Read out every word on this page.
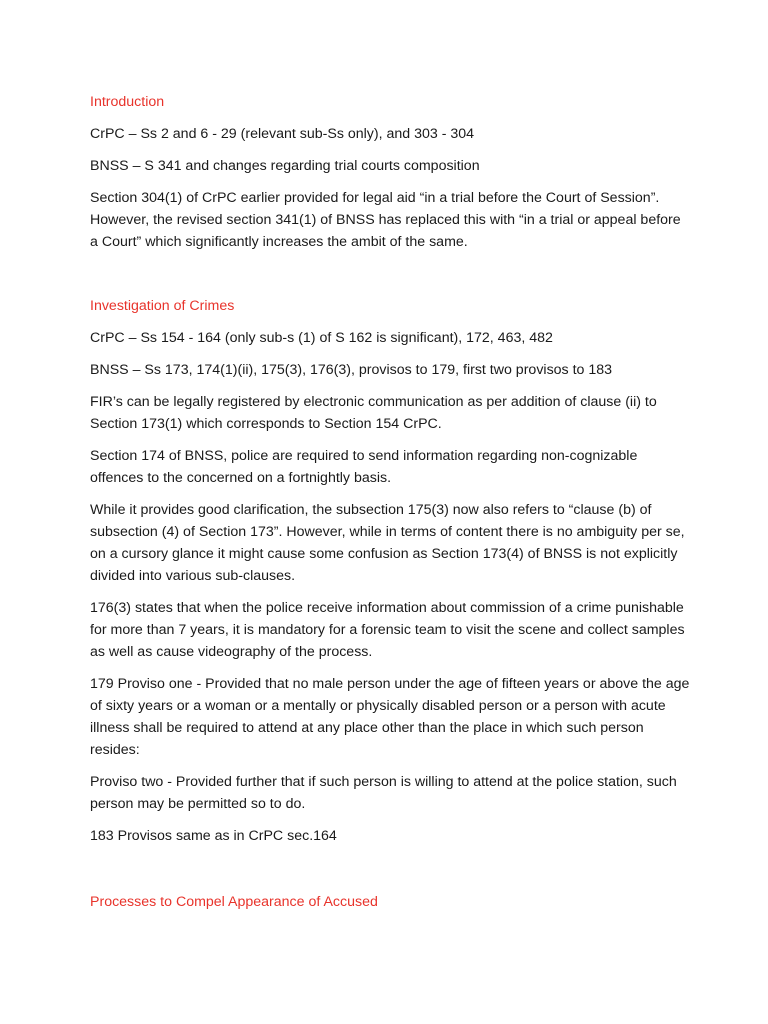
Introduction

CrPC – Ss 2 and 6 - 29 (relevant sub-Ss only), and 303 - 304

BNSS – S 341 and changes regarding trial courts composition

Section 304(1) of CrPC earlier provided for legal aid “in a trial before the Court of Session”. However, the revised section 341(1) of BNSS has replaced this with “in a trial or appeal before a Court” which significantly increases the ambit of the same.

Investigation of Crimes

CrPC – Ss 154 - 164 (only sub-s (1) of S 162 is significant), 172, 463, 482

BNSS – Ss 173, 174(1)(ii), 175(3), 176(3), provisos to 179, first two provisos to 183

FIR’s can be legally registered by electronic communication as per addition of clause (ii) to Section 173(1) which corresponds to Section 154 CrPC.

Section 174 of BNSS, police are required to send information regarding non-cognizable offences to the concerned on a fortnightly basis.

While it provides good clarification, the subsection 175(3) now also refers to “clause (b) of subsection (4) of Section 173”. However, while in terms of content there is no ambiguity per se, on a cursory glance it might cause some confusion as Section 173(4) of BNSS is not explicitly divided into various sub-clauses.

176(3) states that when the police receive information about commission of a crime punishable for more than 7 years, it is mandatory for a forensic team to visit the scene and collect samples as well as cause videography of the process.

179 Proviso one - Provided that no male person under the age of fifteen years or above the age of sixty years or a woman or a mentally or physically disabled person or a person with acute illness shall be required to attend at any place other than the place in which such person resides:

Proviso two - Provided further that if such person is willing to attend at the police station, such person may be permitted so to do.

183 Provisos same as in CrPC sec.164

Processes to Compel Appearance of Accused
